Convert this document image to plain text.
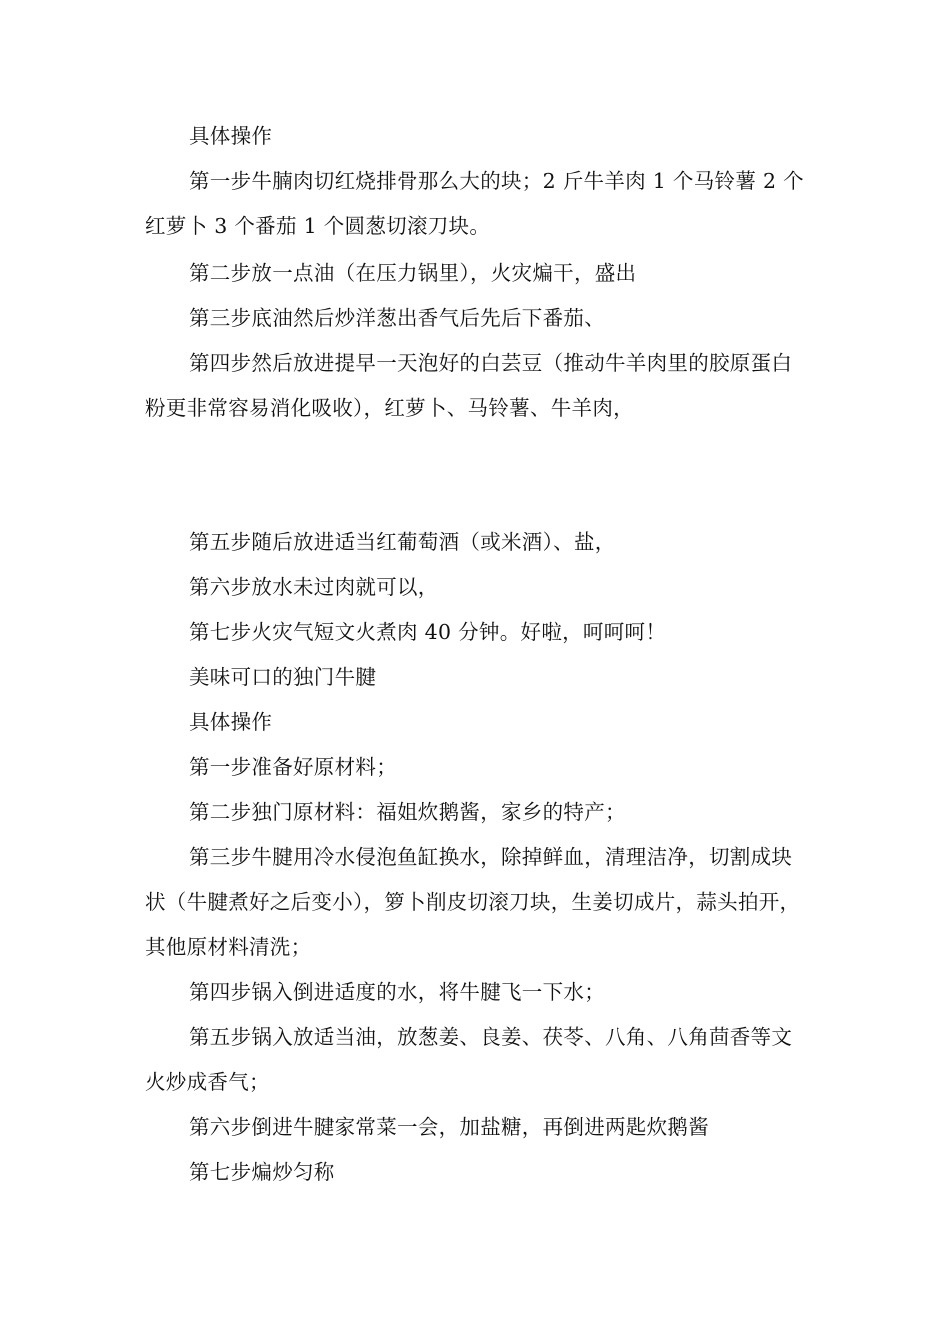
具体操作

第一步牛腩肉切红烧排骨那么大的块；2 斤牛羊肉 1 个马铃薯 2 个红萝卜 3 个番茄 1 个圆葱切滚刀块。

第二步放一点油（在压力锅里），火灾煸干，盛出

第三步底油然后炒洋葱出香气后先后下番茄、

第四步然后放进提早一天泡好的白芸豆（推动牛羊肉里的胶原蛋白粉更非常容易消化吸收），红萝卜、马铃薯、牛羊肉，

第五步随后放进适当红葡萄酒（或米酒）、盐，

第六步放水未过肉就可以，

第七步火灾气短文火煮肉 40 分钟。好啦，呵呵呵！

美味可口的独门牛腱

具体操作

第一步准备好原材料；

第二步独门原材料：福姐炊鹅酱，家乡的特产；

第三步牛腱用冷水侵泡鱼缸换水，除掉鲜血，清理洁净，切割成块状（牛腱煮好之后变小），箩卜削皮切滚刀块，生姜切成片，蒜头拍开，其他原材料清洗；

第四步锅入倒进适度的水，将牛腱飞一下水；

第五步锅入放适当油，放葱姜、良姜、茯苓、八角、八角茴香等文火炒成香气；

第六步倒进牛腱家常菜一会，加盐糖，再倒进两匙炊鹅酱

第七步煸炒匀称
